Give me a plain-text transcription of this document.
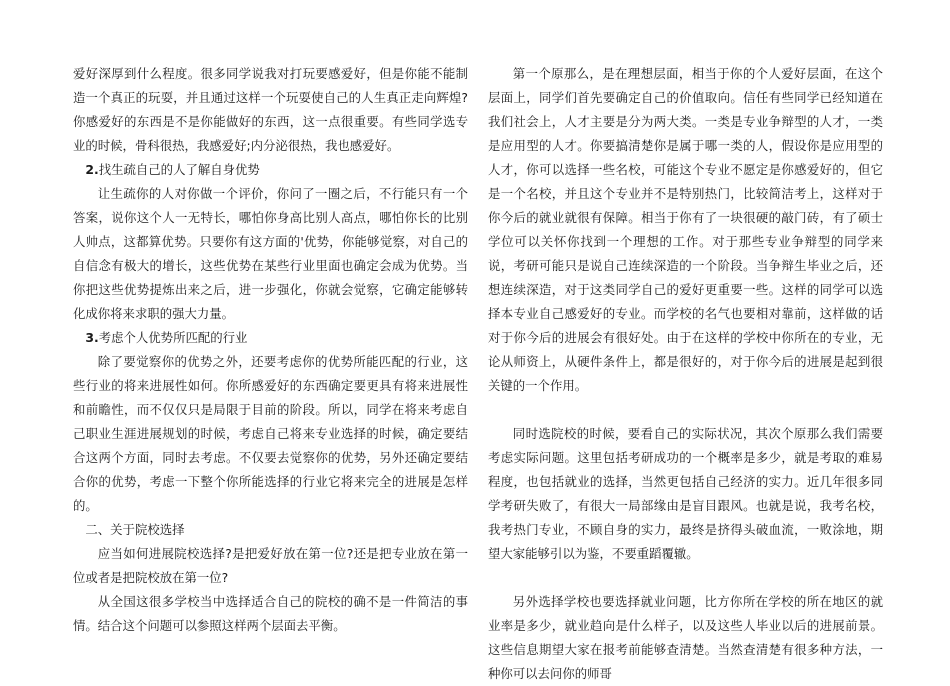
爱好深厚到什么程度。很多同学说我对打玩要感爱好，但是你能不能制造一个真正的玩耍，并且通过这样一个玩耍使自己的人生真正走向辉煌?你感爱好的东西是不是你能做好的东西，这一点很重要。有些同学选专业的时候，骨科很热，我感爱好;内分泌很热，我也感爱好。

2.找生疏自己的人了解自身优势

让生疏你的人对你做一个评价，你问了一圈之后，不行能只有一个答案，说你这个人一无特长，哪怕你身高比别人高点，哪怕你长的比别人帅点，这都算优势。只要你有这方面的'优势，你能够觉察，对自己的自信念有极大的增长，这些优势在某些行业里面也确定会成为优势。当你把这些优势提炼出来之后，进一步强化，你就会觉察，它确定能够转化成你将来求职的强大力量。

3.考虑个人优势所匹配的行业

除了要觉察你的优势之外，还要考虑你的优势所能匹配的行业，这些行业的将来进展性如何。你所感爱好的东西确定要更具有将来进展性和前瞻性，而不仅仅只是局限于目前的阶段。所以，同学在将来考虑自己职业生涯进展规划的时候，考虑自己将来专业选择的时候，确定要结合这两个方面，同时去考虑。不仅要去觉察你的优势，另外还确定要结合你的优势，考虑一下整个你所能选择的行业它将来完全的进展是怎样的。

二、关于院校选择

应当如何进展院校选择?是把爱好放在第一位?还是把专业放在第一位或者是把院校放在第一位?

从全国这很多学校当中选择适合自己的院校的确不是一件简洁的事情。结合这个问题可以参照这样两个层面去平衡。

第一个原那么，是在理想层面，相当于你的个人爱好层面，在这个层面上，同学们首先要确定自己的价值取向。信任有些同学已经知道在我们社会上，人才主要是分为两大类。一类是专业争辩型的人才，一类是应用型的人才。你要搞清楚你是属于哪一类的人，假设你是应用型的人才，你可以选择一些名校，可能这个专业不愿定是你感爱好的，但它是一个名校，并且这个专业并不是特别热门，比较简洁考上，这样对于你今后的就业就很有保障。相当于你有了一块很硬的敲门砖，有了硕士学位可以关怀你找到一个理想的工作。对于那些专业争辩型的同学来说，考研可能只是说自己连续深造的一个阶段。当争辩生毕业之后，还想连续深造，对于这类同学自己的爱好更重要一些。这样的同学可以选择本专业自己感爱好的专业。而学校的名气也要相对靠前，这样做的话对于你今后的进展会有很好处。由于在这样的学校中你所在的专业，无论从师资上，从硬件条件上，都是很好的，对于你今后的进展是起到很关键的一个作用。

同时选院校的时候，要看自己的实际状况，其次个原那么我们需要考虑实际问题。这里包括考研成功的一个概率是多少，就是考取的难易程度，也包括就业的选择，当然更包括自己经济的实力。近几年很多同学考研失败了，有很大一局部缘由是盲目跟风。也就是说，我考名校，我考热门专业，不顾自身的实力，最终是挤得头破血流，一败涂地，期望大家能够引以为鉴，不要重蹈覆辙。

另外选择学校也要选择就业问题，比方你所在学校的所在地区的就业率是多少，就业趋向是什么样子，以及这些人毕业以后的进展前景。这些信息期望大家在报考前能够查清楚。当然查清楚有很多种方法，一种你可以去问你的师哥
